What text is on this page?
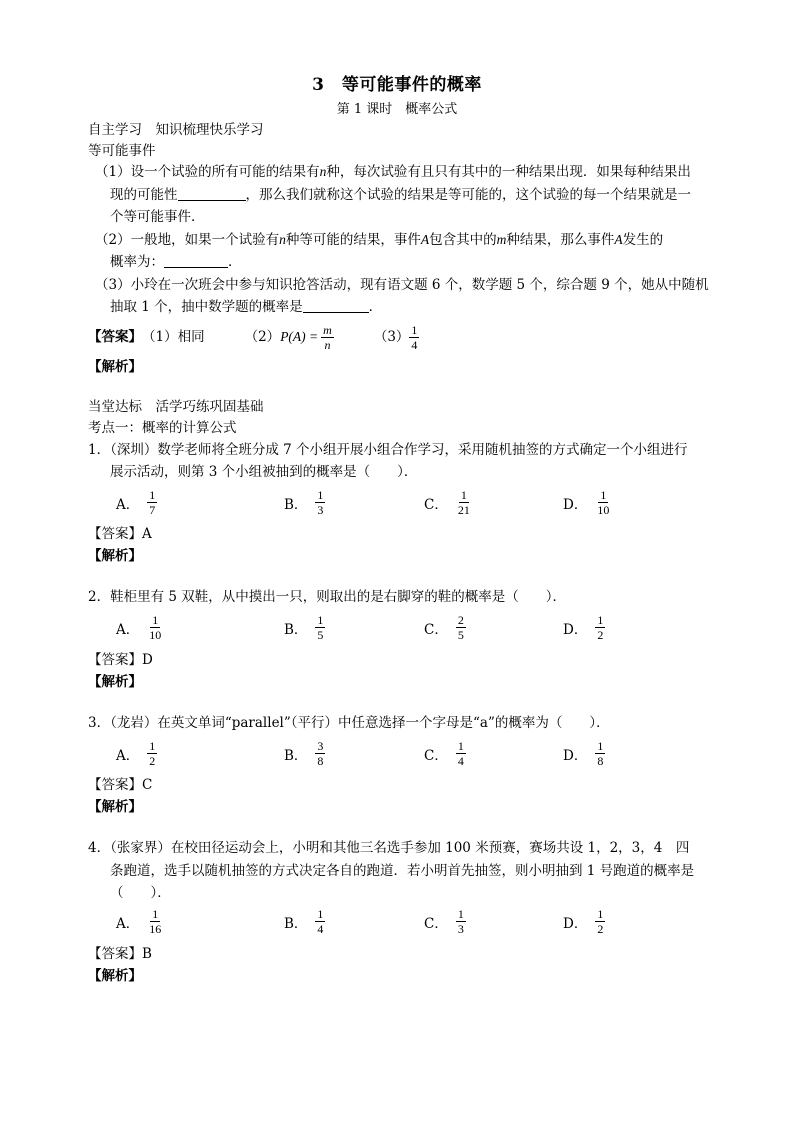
3　等可能事件的概率
第 1 课时　概率公式
自主学习　知识梳理快乐学习
等可能事件
（1）设一个试验的所有可能的结果有n种，每次试验有且只有其中的一种结果出现．如果每种结果出
现的可能性	，那么我们就称这个试验的结果是等可能的，这个试验的每一个结果就是一
个等可能事件．
（2）一般地，如果一个试验有n种等可能的结果，事件A包含其中的m种结果，那么事件A发生的
概率为：	．
（3）小玲在一次班会中参与知识抢答活动，现有语文题 6 个，数学题 5 个，综合题 9 个，她从中随机
抽取 1 个，抽中数学题的概率是	．
【答案】 （1）相同	（2） $P(A) = \frac{m}{n}$	$(3) \frac{1}{4}$
【解析】
当堂达标　活学巧练巩固基础
考点一：概率的计算公式
1．（深圳）数学老师将全班分成 7 个小组开展小组合作学习，采用随机抽签的方式确定一个小组进行
展示活动，则第 3 个小组被抽到的概率是（　　）．
A． $\frac{1}{7}$	B． $\frac{1}{3}$	C． $\frac{1}{21}$	D． $\frac{1}{10}$
【答案】A
【解析】
2．鞋柜里有 5 双鞋，从中摸出一只，则取出的是右脚穿的鞋的概率是（　　）．
A． $\frac{1}{10}$	B． $\frac{1}{5}$	C． $\frac{2}{5}$	D． $\frac{1}{2}$
【答案】D
【解析】
3．（龙岩）在英文单词“parallel”（平行）中任意选择一个字母是“a”的概率为（　　）．
A． $\frac{1}{2}$	B． $\frac{3}{8}$	C． $\frac{1}{4}$	D． $\frac{1}{8}$
【答案】C
【解析】
4．（张家界）在校田径运动会上，小明和其他三名选手参加 100 米预赛，赛场共设 1，2，3，4　四
条跑道，选手以随机抽签的方式决定各自的跑道．若小明首先抽签，则小明抽到 1 号跑道的概率是
（　　）．
A． $\frac{1}{16}$	B． $\frac{1}{4}$	C． $\frac{1}{3}$	D． $\frac{1}{2}$
【答案】B
【解析】
